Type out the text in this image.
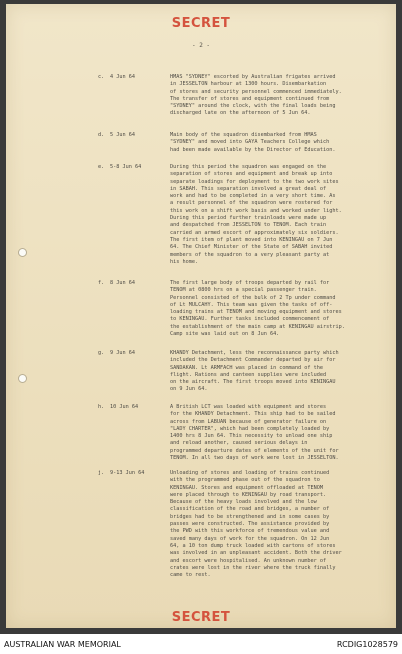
SECRET
- 2 -
c. 4 Jun 64	HMAS "SYDNEY" escorted by Australian frigates arrived
in JESSELTON harbour at 1300 hours. Disembarkation
of stores and security personnel commenced immediately.
The transfer of stores and equipment continued from
"SYDNEY" around the clock, with the final loads being
discharged late on the afternoon of 5 Jun 64.
d. 5 Jun 64	Main body of the squadron disembarked from HMAS
"SYDNEY" and moved into GAYA Teachers College which
had been made available by the Director of Education.
e. 5-8 Jun 64	During this period the squadron was engaged on the
separation of stores and equipment and break up into
separate loadings for deployment to the two work sites
in SABAH. This separation involved a great deal of
work and had to be completed in a very short time. As
a result personnel of the squadron were rostered for
this work on a shift work basis and worked under light.
During this period further trainloads were made up
and despatched from JESSELTON to TENOM. Each train
carried an armed escort of approximately six soldiers.
The first item of plant moved into KENINGAU on 7 Jun
64. The Chief Minister of the State of SABAH invited
members of the squadron to a very pleasant party at
his home.
f. 8 Jun 64	The first large body of troops departed by rail for
TENOM at 0800 hrs on a special passenger train.
Personnel consisted of the bulk of 2 Tp under command
of Lt MULCAHY. This team was given the tasks of off-
loading trains at TENOM and moving equipment and stores
to KENINGAU. Further tasks included commencement of
the establishment of the main camp at KENINGAU airstrip.
Camp site was laid out on 8 Jun 64.
g. 9 Jun 64	KHANDY Detachment, less the reconnaissance party which
included the Detachment Commander departed by air for
SANDAKAN. Lt ARMFACH was placed in command of the
flight. Rations and canteen supplies were included
on the aircraft. The first troops moved into KENINGAU
on 9 Jun 64.
h. 10 Jun 64	A British LCT was loaded with equipment and stores
for the KHANDY Detachment. This ship had to be sailed
across from LABUAN because of generator failure on
"LADY CHARTER", which had been completely loaded by
1400 hrs 8 Jun 64. This necessity to unload one ship
and reload another, caused serious delays in
programmed departure dates of elements of the unit for
TENOM. In all two days of work were lost in JESSELTON.
j. 9-13 Jun 64	Unloading of stores and loading of trains continued
with the programmed phase out of the squadron to
KENINGAU. Stores and equipment offloaded at TENOM
were placed through to KENINGAU by road transport.
Because of the heavy loads involved and the low
classification of the road and bridges, a number of
bridges had to be strengthened and in some cases by
passes were constructed. The assistance provided by
the PWD with this workforce of tremendous value and
saved many days of work for the squadron. On 12 Jun
64, a 10 ton dump truck loaded with cartons of stores
was involved in an unpleasant accident. Both the driver
and escort were hospitalised. An unknown number of
crates were lost in the river where the truck finally
came to rest.
SECRET
AUSTRALIAN WAR MEMORIAL	RCDIG1028579
